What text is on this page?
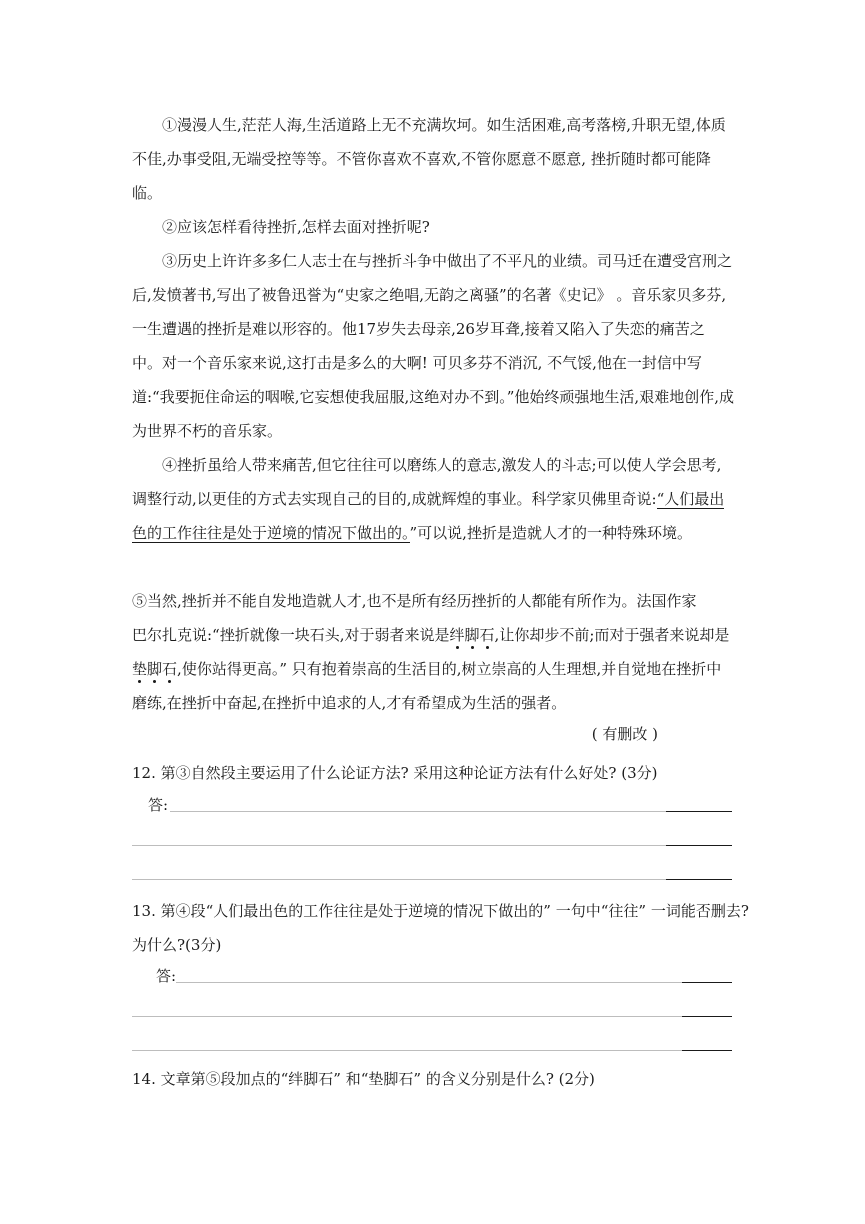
①漫漫人生,茫茫人海,生活道路上无不充满坎坷。如生活困难,高考落榜,升职无望,体质不佳,办事受阻,无端受控等等。不管你喜欢不喜欢,不管你愿意不愿意, 挫折随时都可能降临。

②应该怎样看待挫折,怎样去面对挫折呢?

③历史上许许多多仁人志士在与挫折斗争中做出了不平凡的业绩。司马迁在遭受宫刑之后,发愤著书,写出了被鲁迅誉为“史家之绝唱,无韵之离骚”的名著《史记》 。音乐家贝多芬,一生遭遇的挫折是难以形容的。他17岁失去母亲,26岁耳聋,接着又陷入了失恋的痛苦之中。对一个音乐家来说,这打击是多么的大啊! 可贝多芬不消沉, 不气馁,他在一封信中写道:“我要扼住命运的咽喉,它妄想使我屈服,这绝对办不到。”他始终顽强地生活,艰难地创作,成为世界不朽的音乐家。

④挫折虽给人带来痛苦,但它往往可以磨练人的意志,激发人的斗志;可以使人学会思考,调整行动,以更佳的方式去实现自己的目的,成就辉煌的事业。科学家贝佛里奇说:“人们最出色的工作往往是处于逆境的情况下做出的。”可以说,挫折是造就人才的一种特殊环境。

⑤当然,挫折并不能自发地造就人才,也不是所有经历挫折的人都能有所作为。法国作家

巴尔扎克说:“挫折就像一块石头,对于弱者来说是绊脚石,让你却步不前;而对于强者来说却是垫脚石,使你站得更高。” 只有抱着崇高的生活目的,树立崇高的人生理想,并自觉地在挫折中磨练,在挫折中奋起,在挫折中追求的人,才有希望成为生活的强者。

( 有删改 )

12. 第③自然段主要运用了什么论证方法? 采用这种论证方法有什么好处? (3分)

答:

13. 第④段“人们最出色的工作往往是处于逆境的情况下做出的” 一句中“往往” 一词能否删去?为什么?(3分)

答:

14. 文章第⑤段加点的“绊脚石” 和“垫脚石” 的含义分别是什么? (2分)
